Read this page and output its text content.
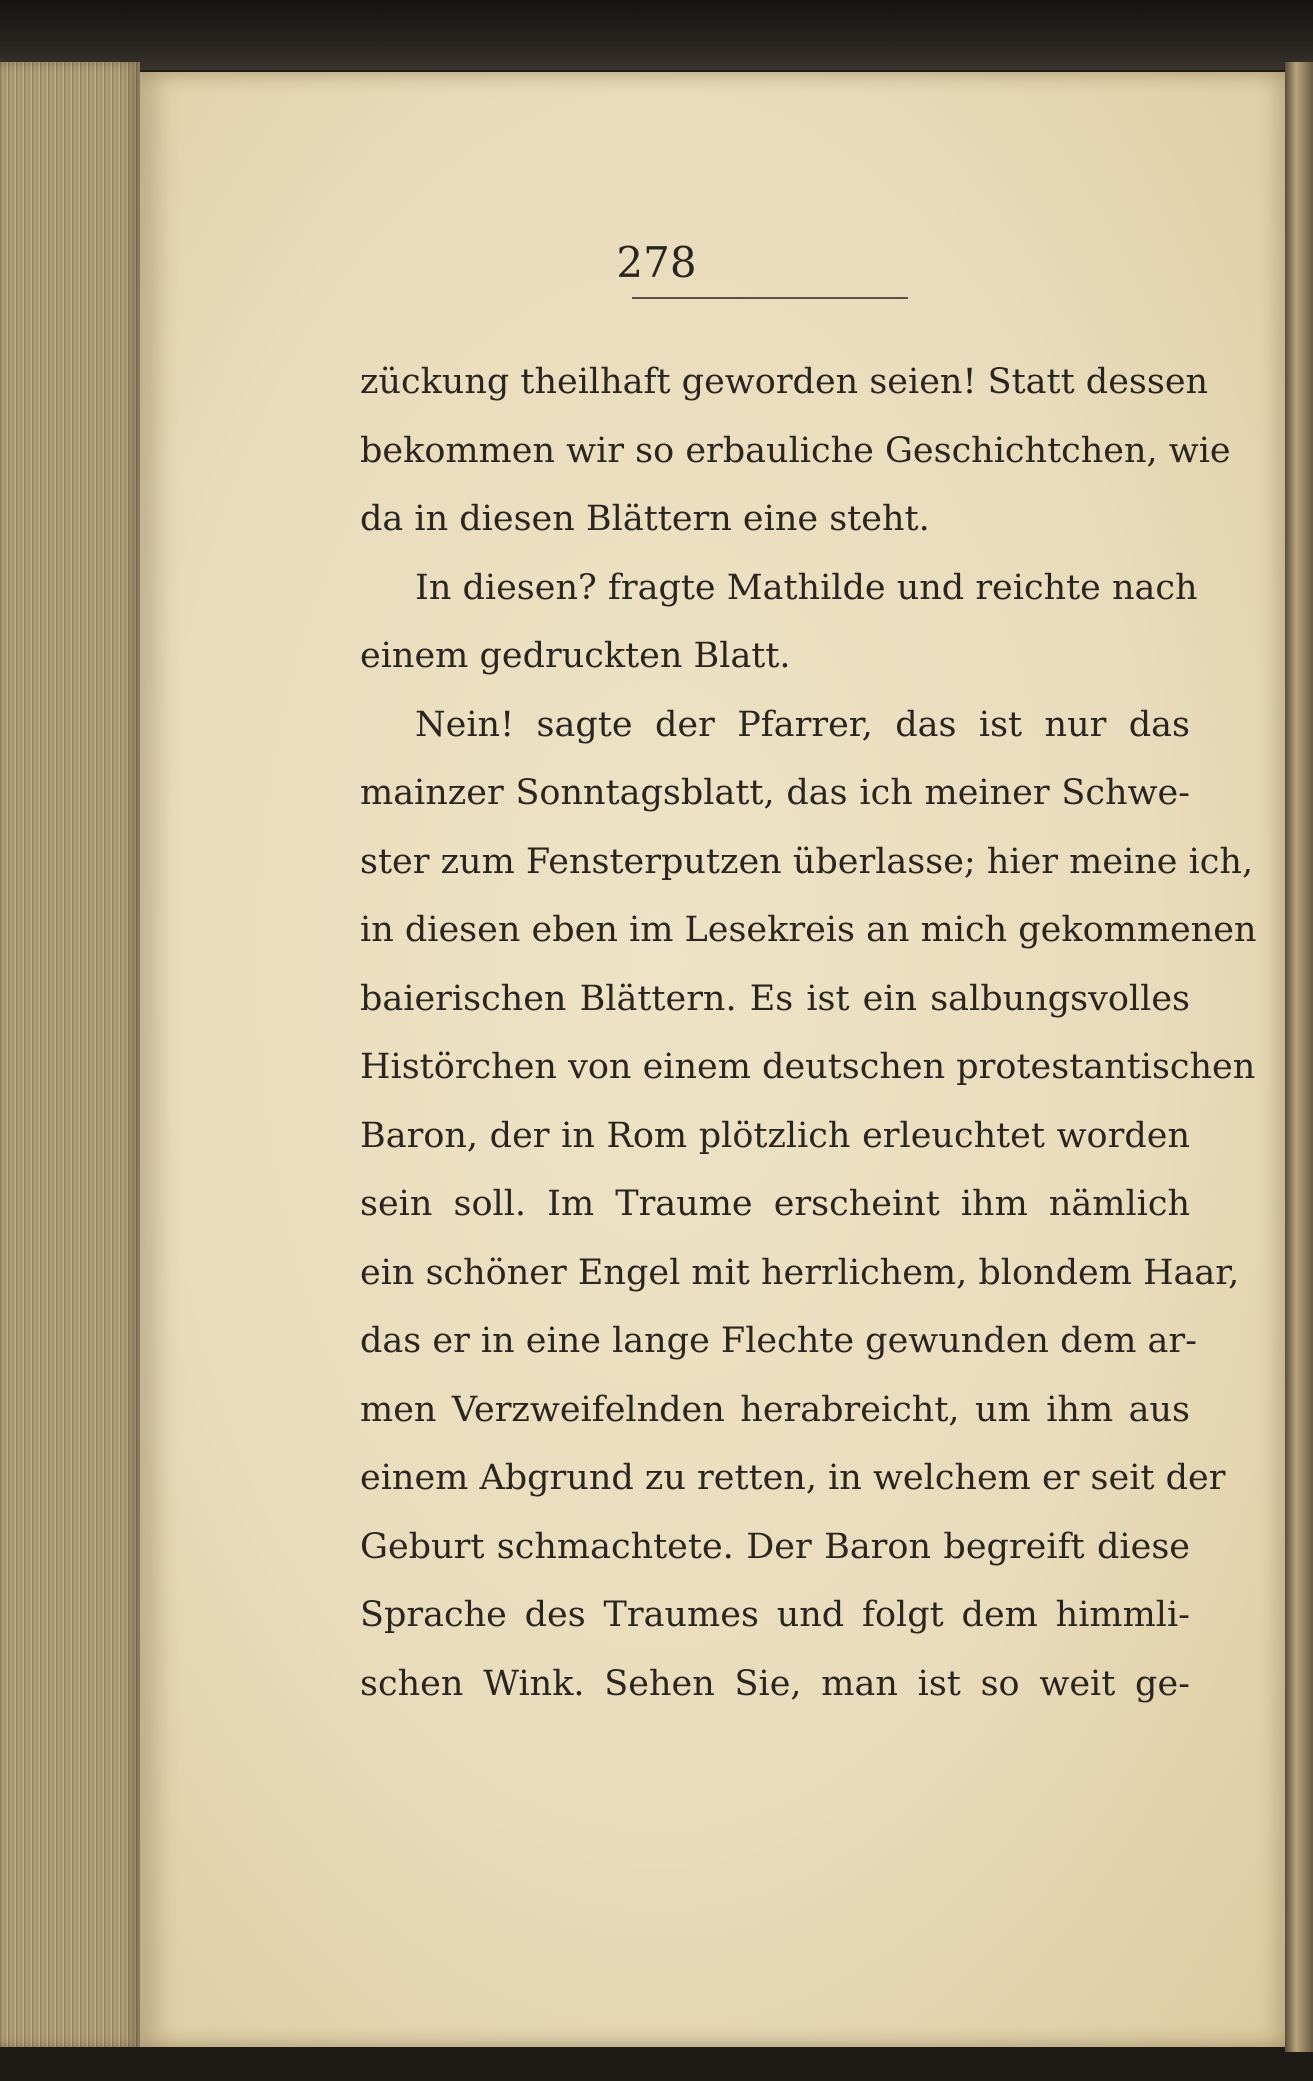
278
zückung theilhaft geworden seien! Statt dessen
bekommen wir so erbauliche Geschichtchen, wie
da in diesen Blättern eine steht.
In diesen? fragte Mathilde und reichte nach
einem gedruckten Blatt.
Nein! sagte der Pfarrer, das ist nur das
mainzer Sonntagsblatt, das ich meiner Schwe-
ster zum Fensterputzen überlasse; hier meine ich,
in diesen eben im Lesekreis an mich gekommenen
baierischen Blättern. Es ist ein salbungsvolles
Histörchen von einem deutschen protestantischen
Baron, der in Rom plötzlich erleuchtet worden
sein soll. Im Traume erscheint ihm nämlich
ein schöner Engel mit herrlichem, blondem Haar,
das er in eine lange Flechte gewunden dem ar-
men Verzweifelnden herabreicht, um ihm aus
einem Abgrund zu retten, in welchem er seit der
Geburt schmachtete. Der Baron begreift diese
Sprache des Traumes und folgt dem himmli-
schen Wink. Sehen Sie, man ist so weit ge-
